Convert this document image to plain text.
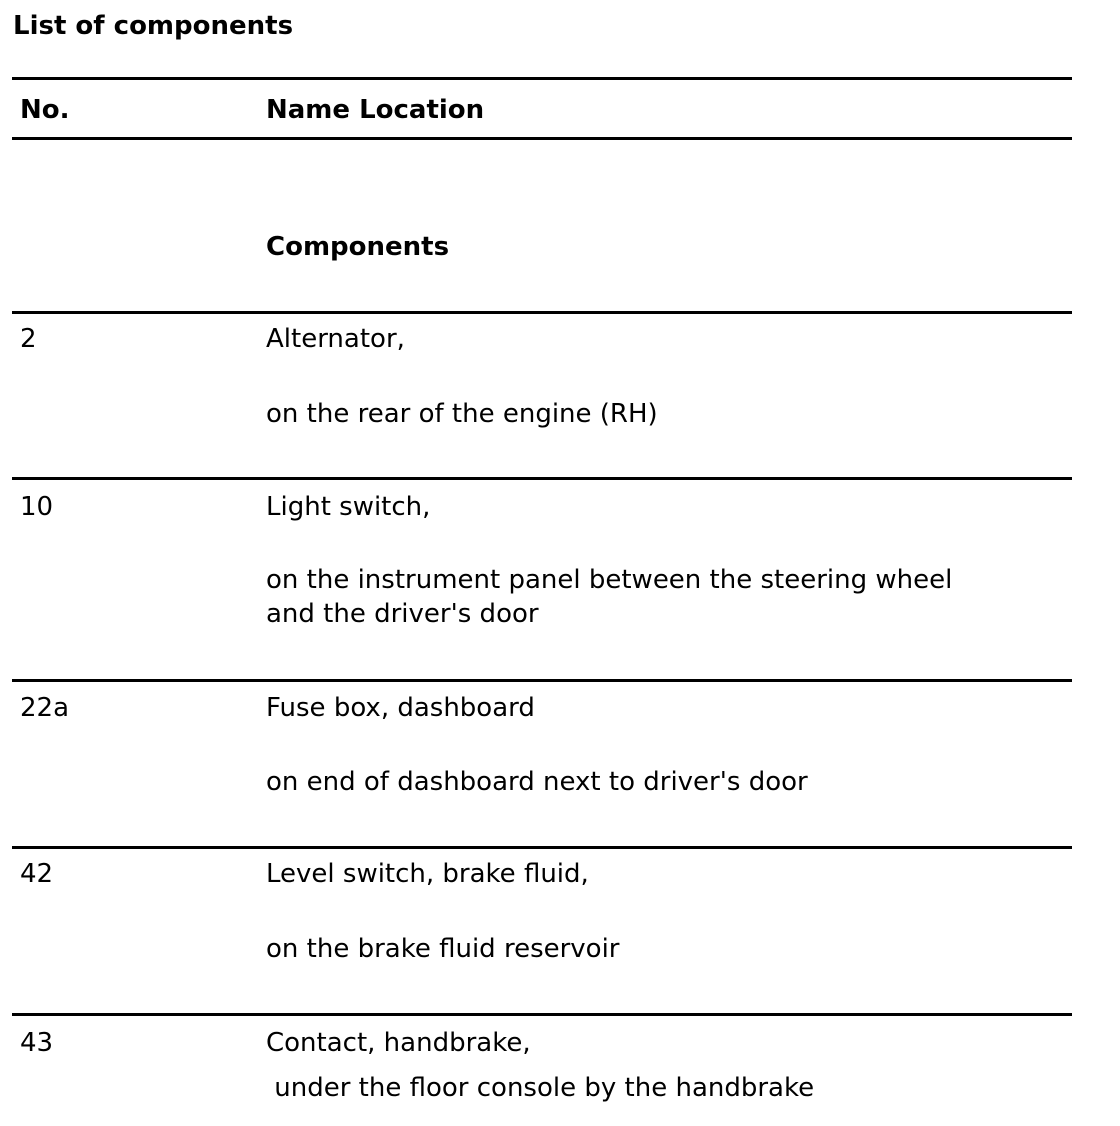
List of components
No.	Name Location
Components
2	Alternator,
on the rear of the engine (RH)
10	Light switch,
on the instrument panel between the steering wheel
and the driver's door
22a	Fuse box, dashboard
on end of dashboard next to driver's door
42	Level switch, brake fluid,
on the brake fluid reservoir
43	Contact, handbrake,
under the floor console by the handbrake
